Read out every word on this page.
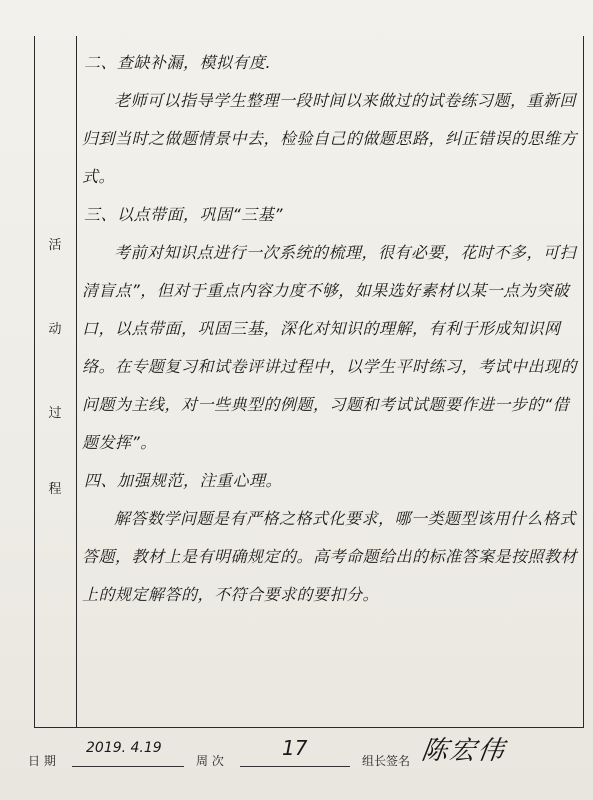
活
动
过
程

二、查缺补漏，模拟有度.

老师可以指导学生整理一段时间以来做过的试卷练习题，重新回归到当时之做题情景中去，检验自己的做题思路，纠正错误的思维方式。

三、以点带面，巩固“三基”

考前对知识点进行一次系统的梳理，很有必要，花时不多，可扫清盲点”，但对于重点内容力度不够，如果选好素材以某一点为突破口，以点带面，巩固三基，深化对知识的理解，有利于形成知识网络。在专题复习和试卷评讲过程中，以学生平时练习，考试中出现的问题为主线，对一些典型的例题，习题和考试试题要作进一步的“借题发挥”。

四、加强规范，注重心理。

解答数学问题是有严格之格式化要求，哪一类题型该用什么格式答题，教材上是有明确规定的。高考命题给出的标准答案是按照教材上的规定解答的，不符合要求的要扣分。

日 期
2019. 4.19
周 次
17
组长签名 陈宏伟
